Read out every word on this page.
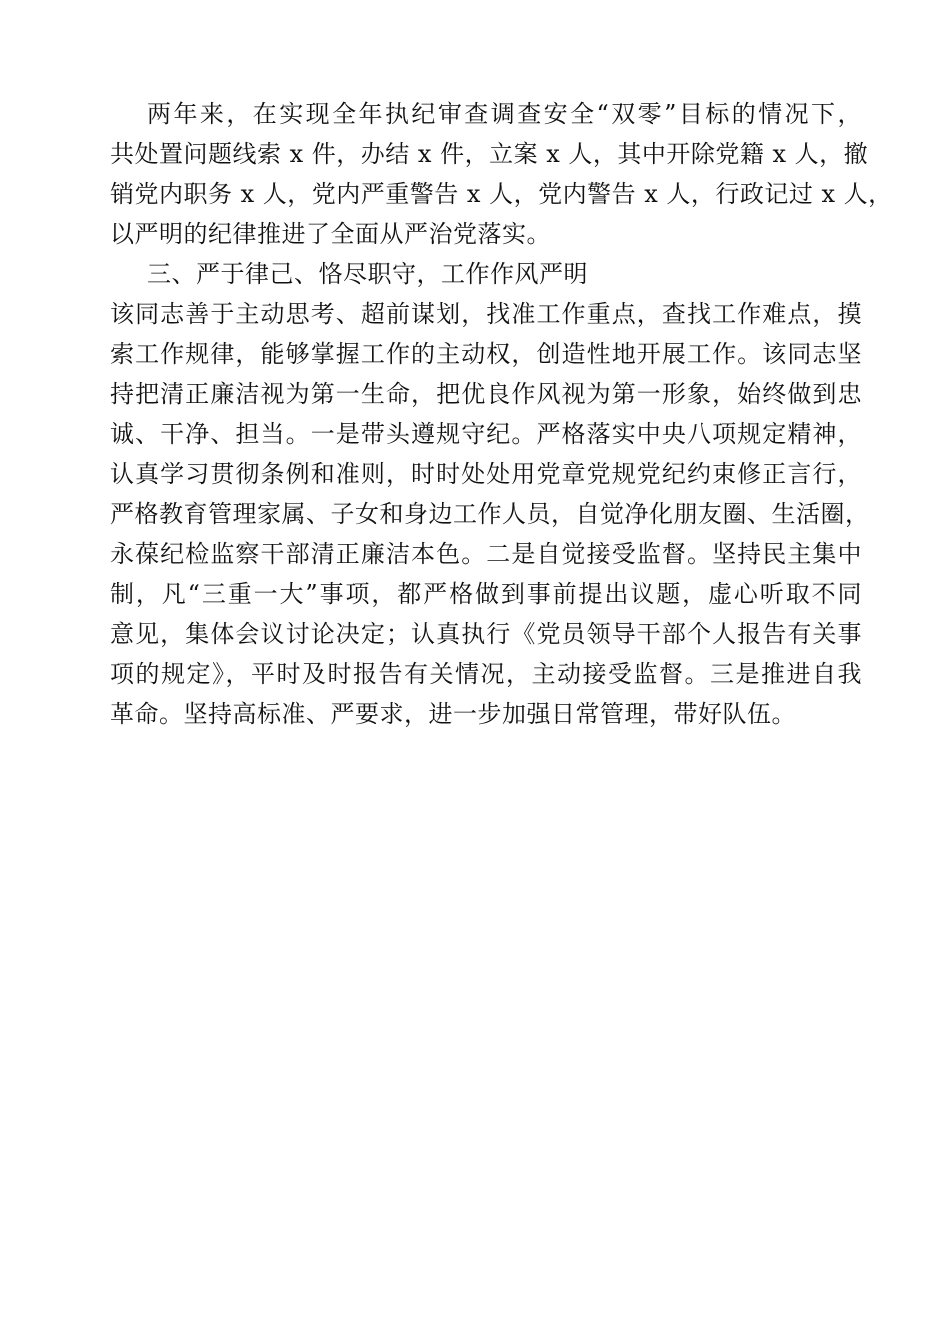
两年来，在实现全年执纪审查调查安全“双零”目标的情况下，
共处置问题线索 x 件，办结 x 件，立案 x 人，其中开除党籍 x 人，撤
销党内职务 x 人，党内严重警告 x 人，党内警告 x 人，行政记过 x 人，
以严明的纪律推进了全面从严治党落实。
三、严于律己、恪尽职守，工作作风严明
该同志善于主动思考、超前谋划，找准工作重点，查找工作难点，摸
索工作规律，能够掌握工作的主动权，创造性地开展工作。该同志坚
持把清正廉洁视为第一生命，把优良作风视为第一形象，始终做到忠
诚、干净、担当。一是带头遵规守纪。严格落实中央八项规定精神，
认真学习贯彻条例和准则，时时处处用党章党规党纪约束修正言行，
严格教育管理家属、子女和身边工作人员，自觉净化朋友圈、生活圈，
永葆纪检监察干部清正廉洁本色。二是自觉接受监督。坚持民主集中
制，凡“三重一大”事项，都严格做到事前提出议题，虚心听取不同
意见，集体会议讨论决定；认真执行《党员领导干部个人报告有关事
项的规定》，平时及时报告有关情况，主动接受监督。三是推进自我
革命。坚持高标准、严要求，进一步加强日常管理，带好队伍。
